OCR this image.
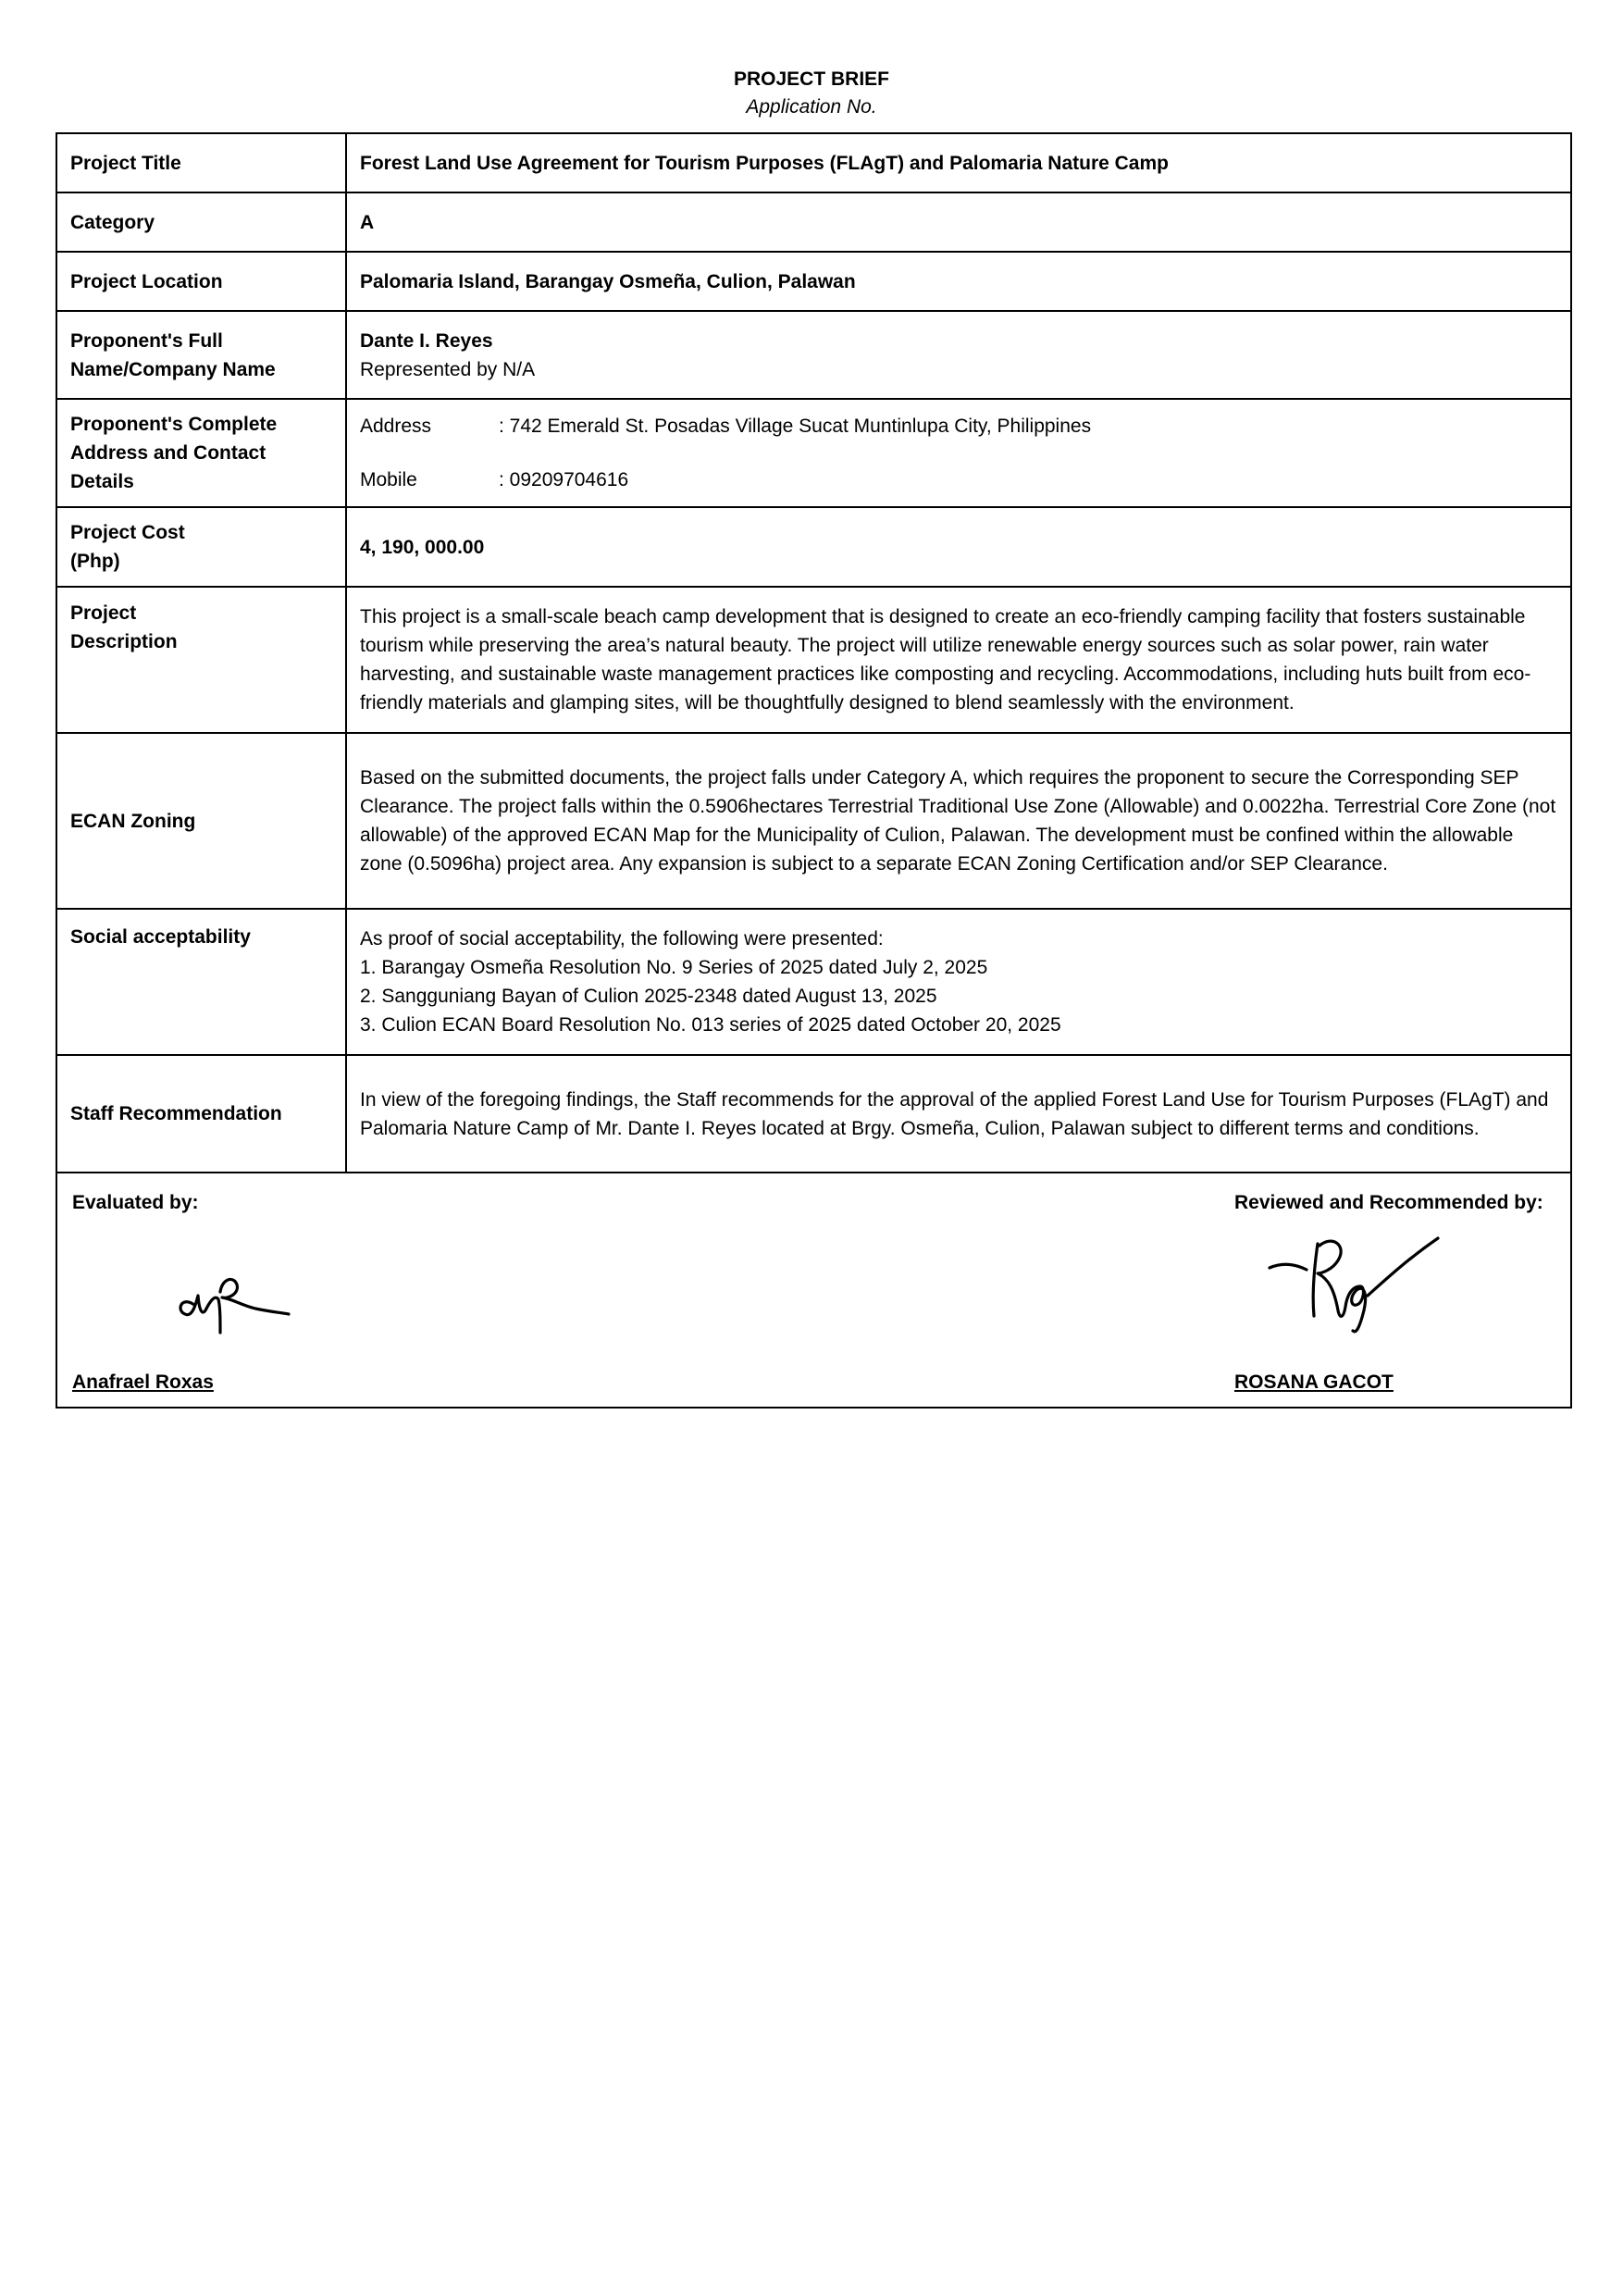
PROJECT BRIEF
Application No.
Project Title	Forest Land Use Agreement for Tourism Purposes (FLAgT) and Palomaria Nature Camp
Category	A
Project Location	Palomaria Island, Barangay Osmeña, Culion, Palawan
Proponent's Full Name/Company Name	Dante I. Reyes
Represented by N/A

Proponent's Complete Address and Contact Details	Address : 742 Emerald St. Posadas Village Sucat Muntinlupa City, Philippines
Mobile : 09209704616

Project Cost (Php)	4, 190, 000.00
Project Description	This project is a small-scale beach camp development that is designed to create an eco-friendly camping facility that fosters sustainable tourism while preserving the area’s natural beauty. The project will utilize renewable energy sources such as solar power, rain water harvesting, and sustainable waste management practices like composting and recycling. Accommodations, including huts built from eco-friendly materials and glamping sites, will be thoughtfully designed to blend seamlessly with the environment.
ECAN Zoning	Based on the submitted documents, the project falls under Category A, which requires the proponent to secure the Corresponding SEP Clearance. The project falls within the 0.5906hectares Terrestrial Traditional Use Zone (Allowable) and 0.0022ha. Terrestrial Core Zone (not allowable) of the approved ECAN Map for the Municipality of Culion, Palawan. The development must be confined within the allowable zone (0.5096ha) project area. Any expansion is subject to a separate ECAN Zoning Certification and/or SEP Clearance.
Social acceptability	As proof of social acceptability, the following were presented:
1. Barangay Osmeña Resolution No. 9 Series of 2025 dated July 2, 2025
2. Sangguniang Bayan of Culion 2025-2348 dated August 13, 2025
3. Culion ECAN Board Resolution No. 013 series of 2025 dated October 20, 2025

Staff Recommendation	In view of the foregoing findings, the Staff recommends for the approval of the applied Forest Land Use for Tourism Purposes (FLAgT) and Palomaria Nature Camp of Mr. Dante I. Reyes located at Brgy. Osmeña, Culion, Palawan subject to different terms and conditions.

Evaluated by:
Anafrael Roxas
Reviewed and Recommended by:
ROSANA GACOT	
